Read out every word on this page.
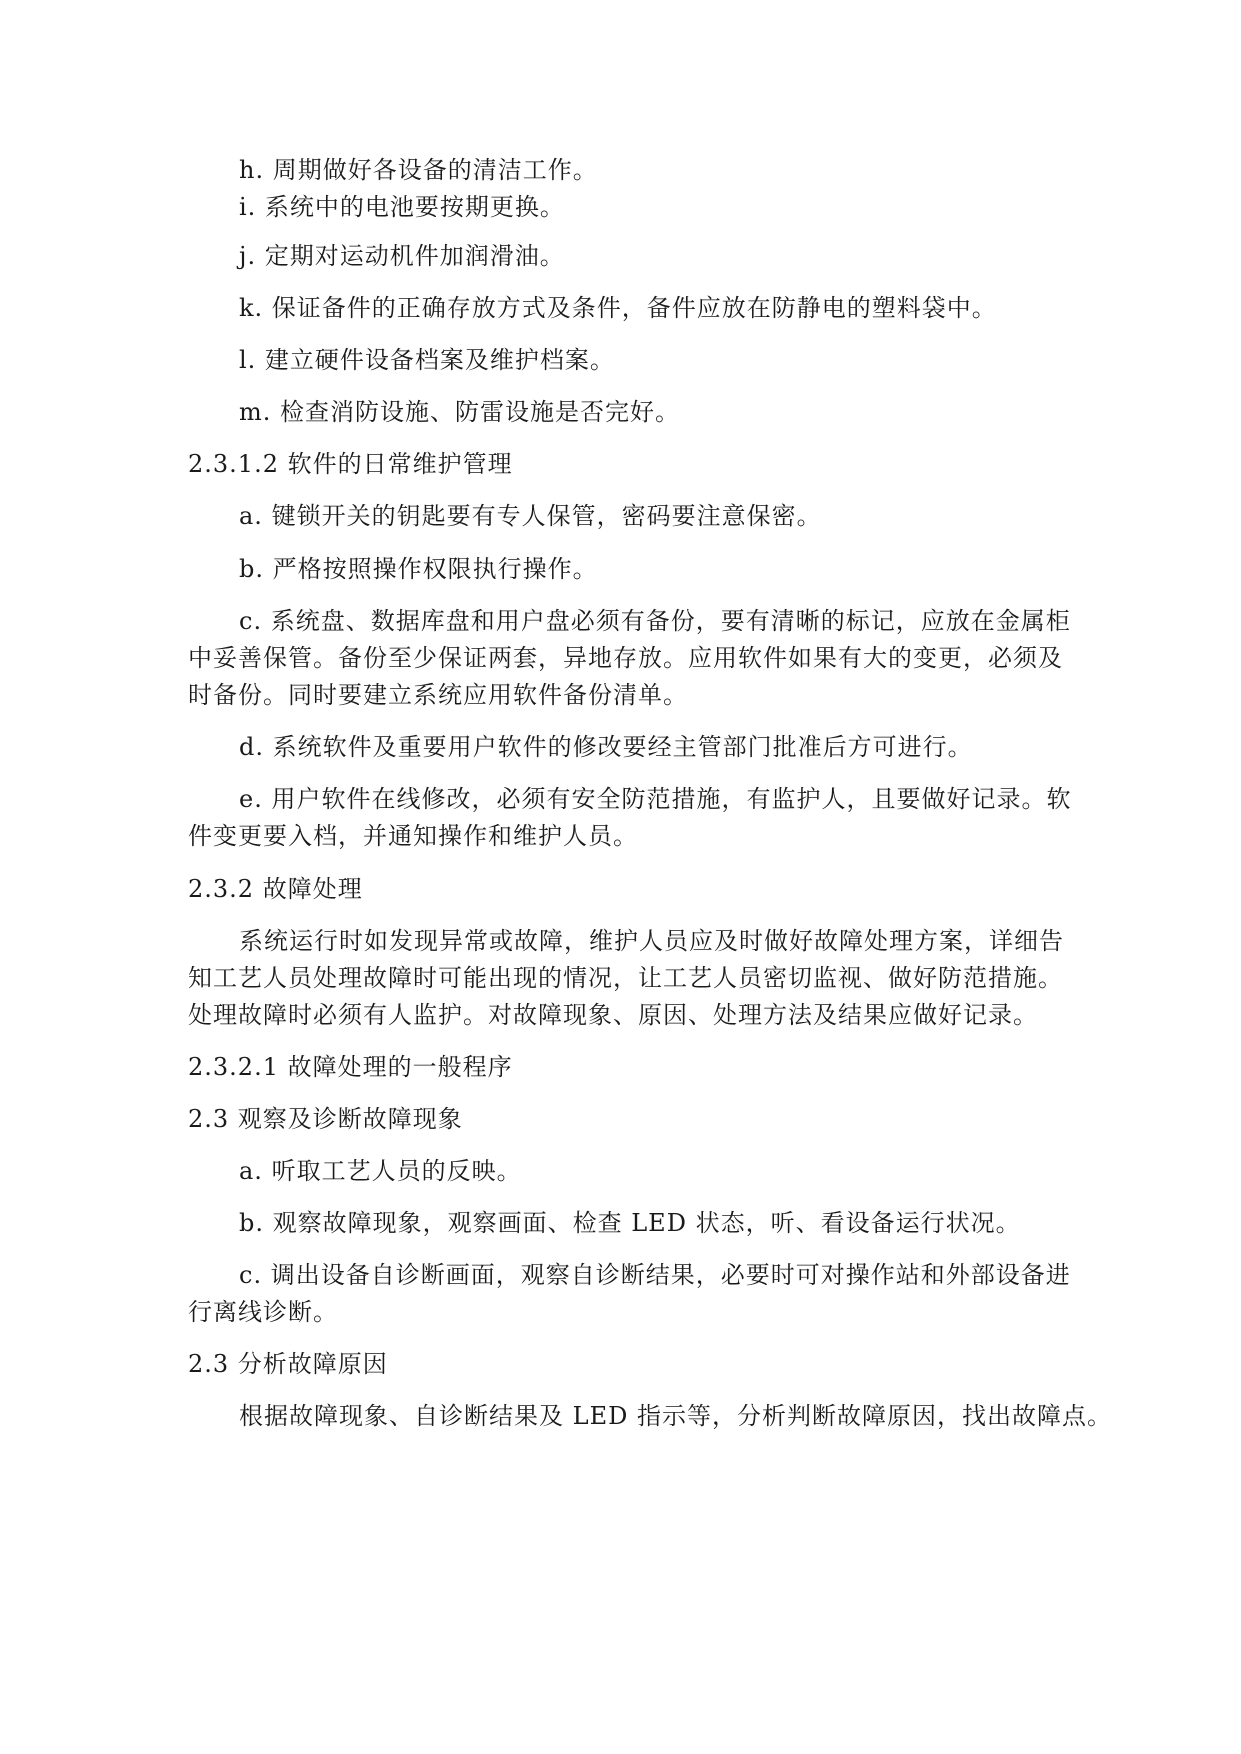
h. 周期做好各设备的清洁工作。

i. 系统中的电池要按期更换。

j. 定期对运动机件加润滑油。

k. 保证备件的正确存放方式及条件，备件应放在防静电的塑料袋中。

l. 建立硬件设备档案及维护档案。

m. 检查消防设施、防雷设施是否完好。

2.3.1.2 软件的日常维护管理

a. 键锁开关的钥匙要有专人保管，密码要注意保密。

b. 严格按照操作权限执行操作。

c. 系统盘、数据库盘和用户盘必须有备份，要有清晰的标记，应放在金属柜

中妥善保管。备份至少保证两套，异地存放。应用软件如果有大的变更，必须及

时备份。同时要建立系统应用软件备份清单。

d. 系统软件及重要用户软件的修改要经主管部门批准后方可进行。

e. 用户软件在线修改，必须有安全防范措施，有监护人，且要做好记录。软

件变更要入档，并通知操作和维护人员。

2.3.2 故障处理

系统运行时如发现异常或故障，维护人员应及时做好故障处理方案，详细告

知工艺人员处理故障时可能出现的情况，让工艺人员密切监视、做好防范措施。

处理故障时必须有人监护。对故障现象、原因、处理方法及结果应做好记录。

2.3.2.1 故障处理的一般程序

2.3 观察及诊断故障现象

a. 听取工艺人员的反映。

b. 观察故障现象，观察画面、检查 LED 状态，听、看设备运行状况。

c. 调出设备自诊断画面，观察自诊断结果，必要时可对操作站和外部设备进

行离线诊断。

2.3 分析故障原因

根据故障现象、自诊断结果及 LED 指示等，分析判断故障原因，找出故障点。
